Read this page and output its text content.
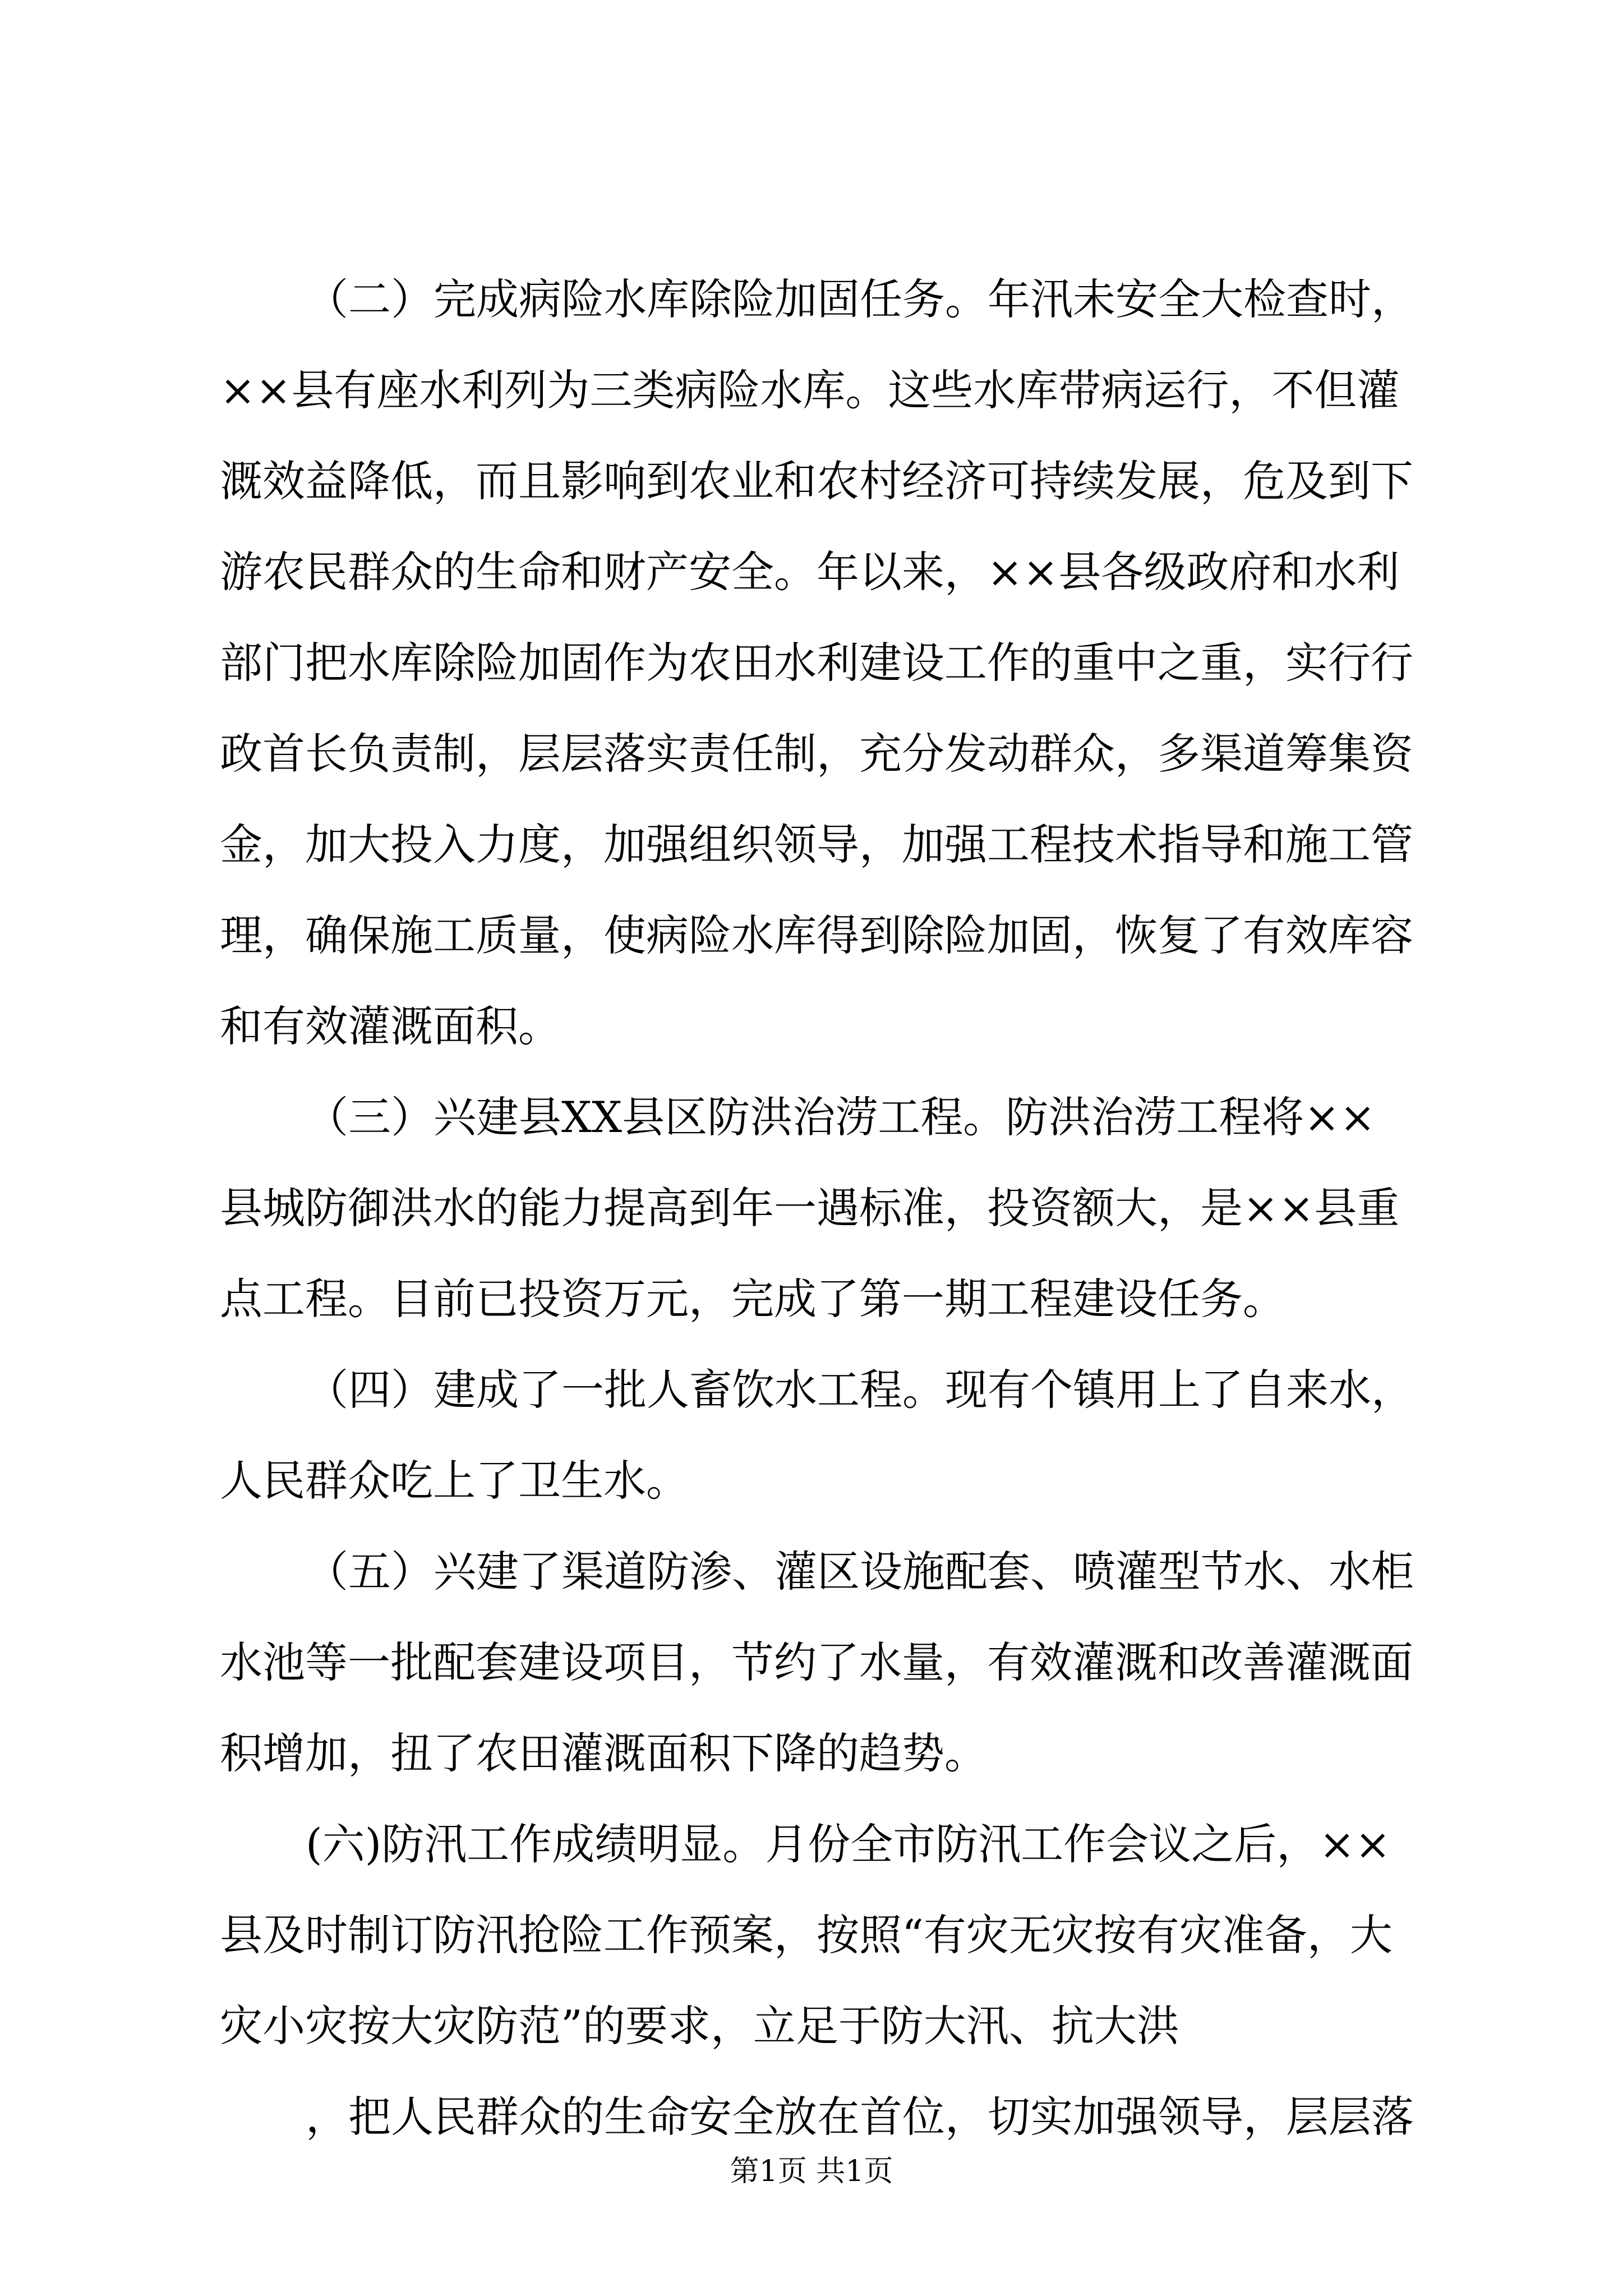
（二）完成病险水库除险加固任务。年汛未安全大检查时，
××县有座水利列为三类病险水库。这些水库带病运行，不但灌
溉效益降低，而且影响到农业和农村经济可持续发展，危及到下
游农民群众的生命和财产安全。年以来，××县各级政府和水利
部门把水库除险加固作为农田水利建设工作的重中之重，实行行
政首长负责制，层层落实责任制，充分发动群众，多渠道筹集资
金，加大投入力度，加强组织领导，加强工程技术指导和施工管
理，确保施工质量，使病险水库得到除险加固，恢复了有效库容
和有效灌溉面积。
（三）兴建县XX县区防洪治涝工程。防洪治涝工程将××
县城防御洪水的能力提高到年一遇标准，投资额大，是××县重
点工程。目前已投资万元，完成了第一期工程建设任务。
（四）建成了一批人畜饮水工程。现有个镇用上了自来水，
人民群众吃上了卫生水。
（五）兴建了渠道防渗、灌区设施配套、喷灌型节水、水柜
水池等一批配套建设项目，节约了水量，有效灌溉和改善灌溉面
积增加，扭了农田灌溉面积下降的趋势。
(六)防汛工作成绩明显。月份全市防汛工作会议之后，××
县及时制订防汛抢险工作预案，按照“有灾无灾按有灾准备，大
灾小灾按大灾防范”的要求，立足于防大汛、抗大洪
，把人民群众的生命安全放在首位，切实加强领导，层层落
第1页 共1页
